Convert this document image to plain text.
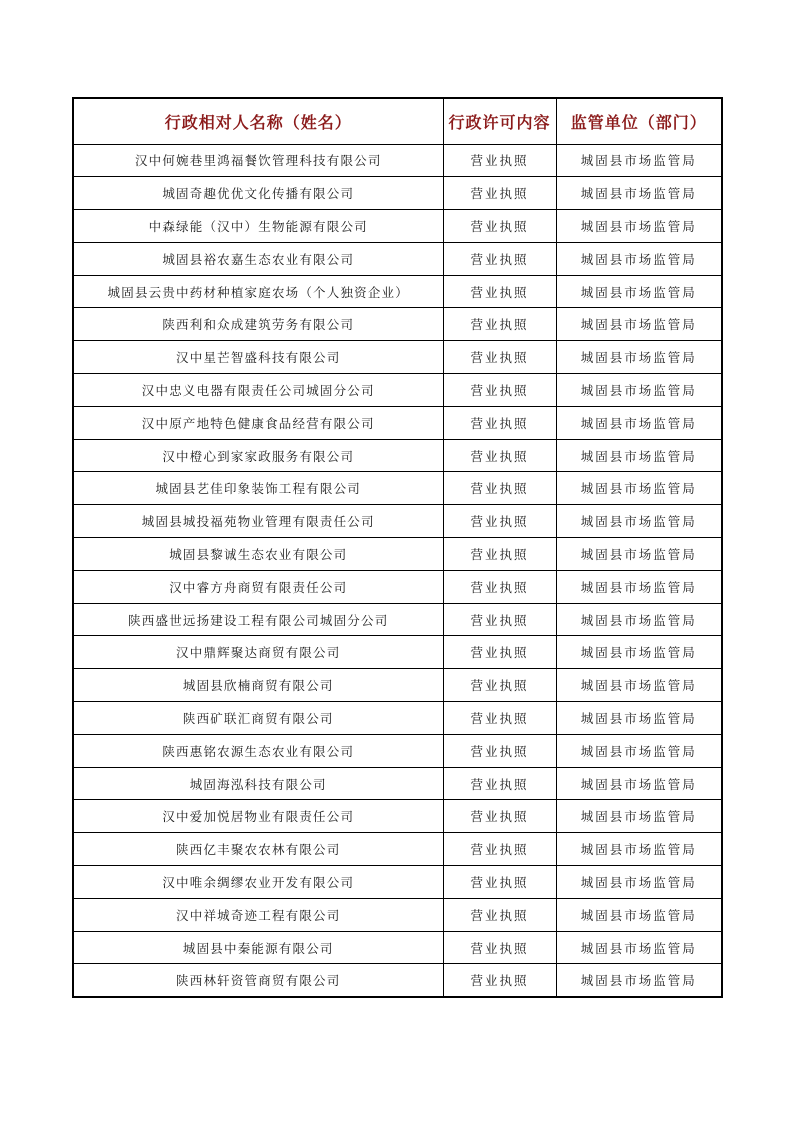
行政相对人名称（姓名）	行政许可内容	监管单位（部门）
汉中何婉巷里鸿福餐饮管理科技有限公司	营业执照	城固县市场监管局
城固奇趣优优文化传播有限公司	营业执照	城固县市场监管局
中森绿能（汉中）生物能源有限公司	营业执照	城固县市场监管局
城固县裕农嘉生态农业有限公司	营业执照	城固县市场监管局
城固县云贵中药材种植家庭农场（个人独资企业）	营业执照	城固县市场监管局
陕西利和众成建筑劳务有限公司	营业执照	城固县市场监管局
汉中星芒智盛科技有限公司	营业执照	城固县市场监管局
汉中忠义电器有限责任公司城固分公司	营业执照	城固县市场监管局
汉中原产地特色健康食品经营有限公司	营业执照	城固县市场监管局
汉中橙心到家家政服务有限公司	营业执照	城固县市场监管局
城固县艺佳印象装饰工程有限公司	营业执照	城固县市场监管局
城固县城投福苑物业管理有限责任公司	营业执照	城固县市场监管局
城固县黎诚生态农业有限公司	营业执照	城固县市场监管局
汉中睿方舟商贸有限责任公司	营业执照	城固县市场监管局
陕西盛世远扬建设工程有限公司城固分公司	营业执照	城固县市场监管局
汉中鼎辉聚达商贸有限公司	营业执照	城固县市场监管局
城固县欣楠商贸有限公司	营业执照	城固县市场监管局
陕西矿联汇商贸有限公司	营业执照	城固县市场监管局
陕西惠铭农源生态农业有限公司	营业执照	城固县市场监管局
城固海泓科技有限公司	营业执照	城固县市场监管局
汉中爱加悦居物业有限责任公司	营业执照	城固县市场监管局
陕西亿丰聚农农林有限公司	营业执照	城固县市场监管局
汉中唯余绸缪农业开发有限公司	营业执照	城固县市场监管局
汉中祥城奇迹工程有限公司	营业执照	城固县市场监管局
城固县中秦能源有限公司	营业执照	城固县市场监管局
陕西林轩资管商贸有限公司	营业执照	城固县市场监管局
